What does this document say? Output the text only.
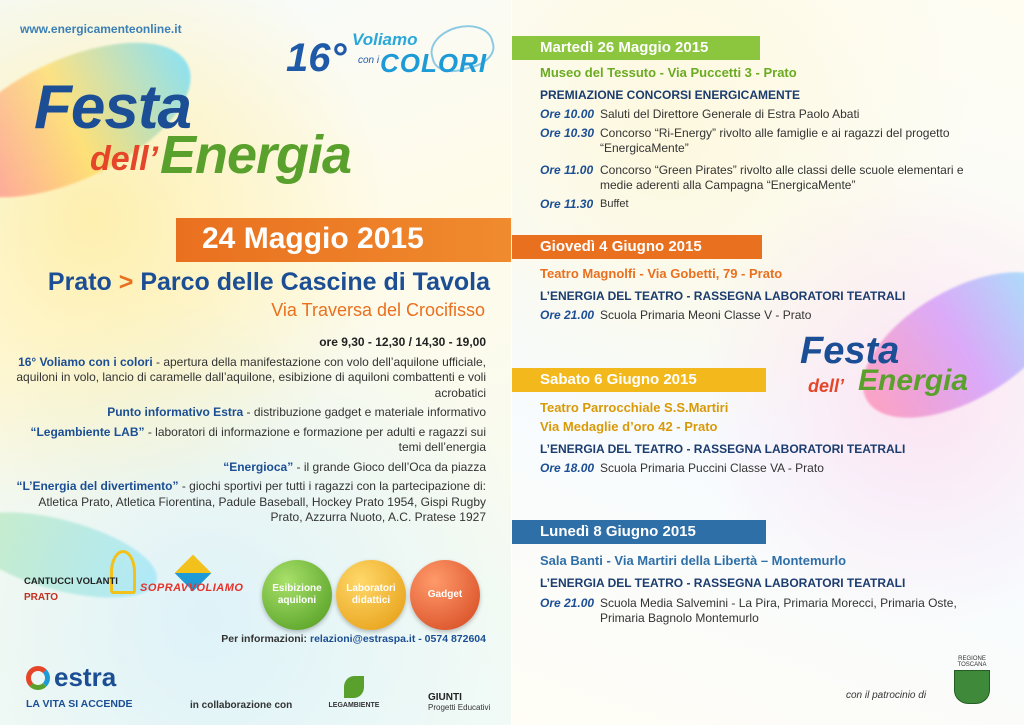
www.energicamenteonline.it
16° Voliamo
con i COLORI
Festa
dell’ Energia
24 Maggio 2015
Prato > Parco delle Cascine di Tavola
Via Traversa del Crocifisso

ore 9,30 - 12,30 / 14,30 - 19,00

16° Voliamo con i colori - apertura della manifestazione con volo dell’aquilone ufficiale, aquiloni in volo, lancio di caramelle dall’aquilone, esibizione di aquiloni combattenti e voli acrobatici

Punto informativo Estra - distribuzione gadget e materiale informativo

“Legambiente LAB” - laboratori di informazione e formazione per adulti e ragazzi sui temi dell’energia

“Energioca” - il grande Gioco dell’Oca da piazza

“L’Energia del divertimento” - giochi sportivi per tutti i ragazzi con la partecipazione di: Atletica Prato, Atletica Fiorentina, Padule Baseball, Hockey Prato 1954, Gispi Rugby Prato, Azzurra Nuoto, A.C. Pratese 1927

CANTUCCI VOLANTI
PRATO
SOPRAVVOLIAMO	Esibizione aquiloni
Laboratori didattici
Gadget
Per informazioni: relazioni@estraspa.it - 0574 872604
estra
LA VITA SI ACCENDE	in collaborazione con	LEGAMBIENTE
GIUNTI
Progetti Educativi
Martedì 26 Maggio 2015
Museo del Tessuto - Via Puccetti 3 - Prato
PREMIAZIONE CONCORSI ENERGICAMENTE
Ore 10.00 Saluti del Direttore Generale di Estra Paolo Abati
Ore 10.30 Concorso “Ri-Energy” rivolto alle famiglie e ai ragazzi del progetto “EnergicaMente”
Ore 11.00 Concorso “Green Pirates” rivolto alle classi delle scuole elementari e medie aderenti alla Campagna “EnergicaMente”
Ore 11.30 Buffet
Giovedì 4 Giugno 2015
Teatro Magnolfi - Via Gobetti, 79 - Prato
L’ENERGIA DEL TEATRO - RASSEGNA LABORATORI TEATRALI
Ore 21.00 Scuola Primaria Meoni Classe V - Prato
Festa
dell’ Energia
Sabato 6 Giugno 2015
Teatro Parrocchiale S.S.Martiri
Via Medaglie d’oro 42 - Prato
L’ENERGIA DEL TEATRO - RASSEGNA LABORATORI TEATRALI
Ore 18.00 Scuola Primaria Puccini Classe VA - Prato
Lunedì 8 Giugno 2015
Sala Banti - Via Martiri della Libertà – Montemurlo
L’ENERGIA DEL TEATRO - RASSEGNA LABORATORI TEATRALI
Ore 21.00 Scuola Media Salvemini - La Pira, Primaria Morecci, Primaria Oste, Primaria Bagnolo Montemurlo
con il patrocinio di
REGIONE TOSCANA
